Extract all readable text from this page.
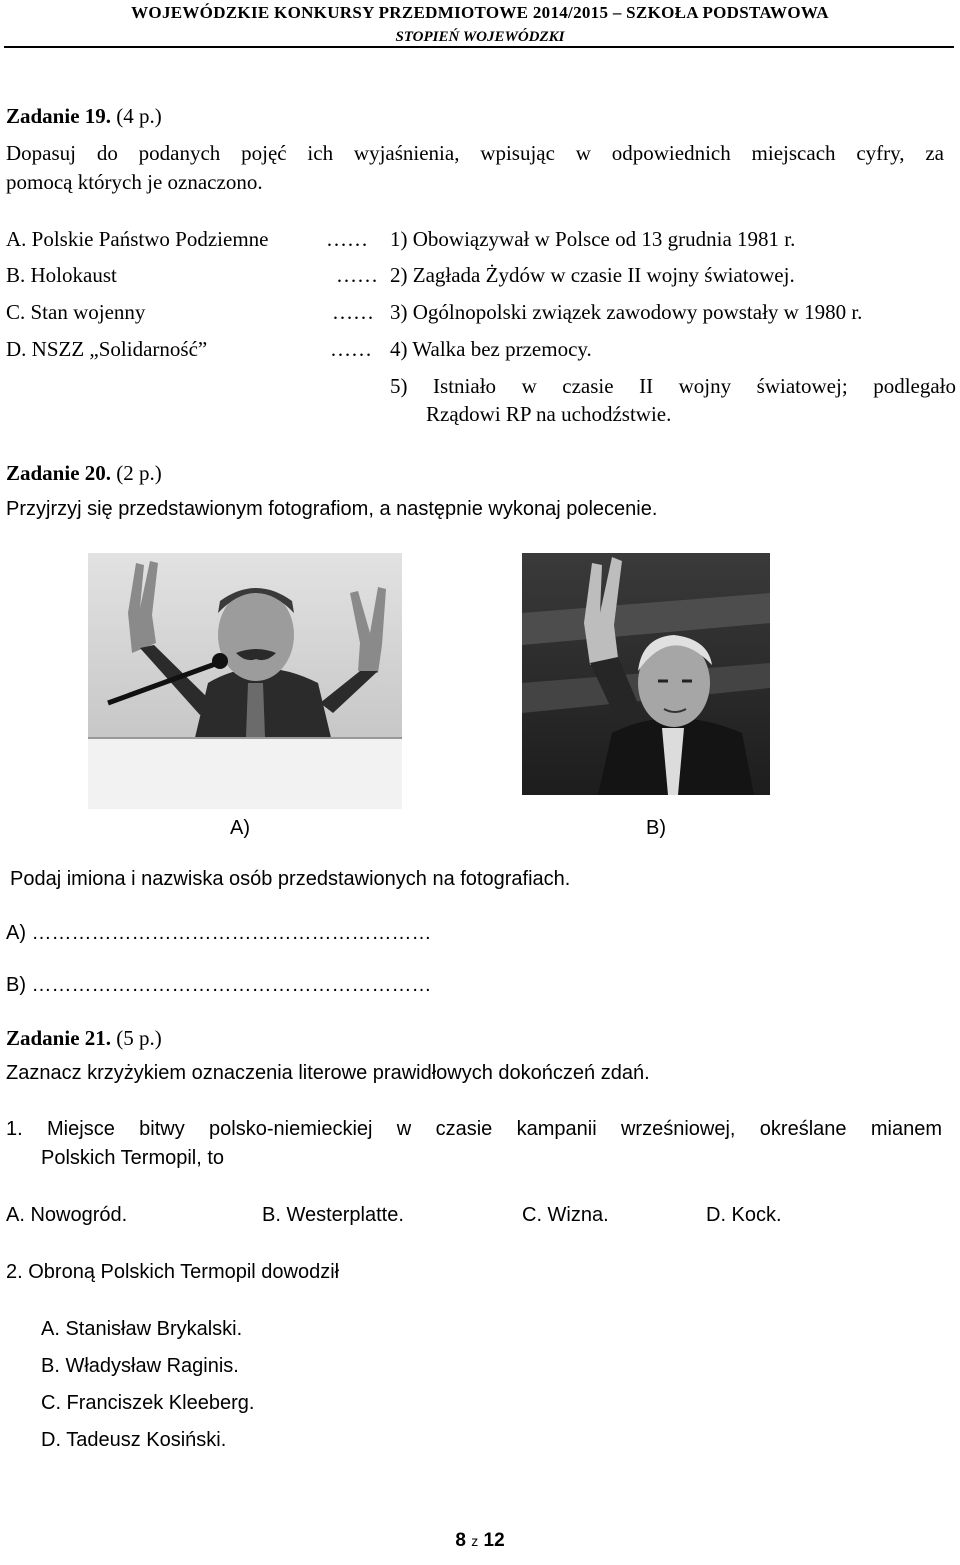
WOJEWÓDZKIE KONKURSY PRZEDMIOTOWE 2014/2015 – SZKOŁA PODSTAWOWA
STOPIEŃ WOJEWÓDZKI
Zadanie 19. (4 p.)
Dopasuj do podanych pojęć ich wyjaśnienia, wpisując w odpowiednich miejscach cyfry, za
pomocą których je oznaczono.
A. Polskie Państwo Podziemne	…… 1) Obowiązywał w Polsce od 13 grudnia 1981 r.
B. Holokaust	…… 2) Zagłada Żydów w czasie II wojny światowej.
C. Stan wojenny	…… 3) Ogólnopolski związek zawodowy powstały w 1980 r.
D. NSZZ „Solidarność”	…… 4) Walka bez przemocy.
5) Istniało w czasie II wojny światowej; podlegało
Rządowi RP na uchodźstwie.
Zadanie 20. (2 p.)
Przyjrzyj się przedstawionym fotografiom, a następnie wykonaj polecenie.
A)	B)
Podaj imiona i nazwiska osób przedstawionych na fotografiach.
A) ……………………………………………………
B) ……………………………………………………
Zadanie 21. (5 p.)
Zaznacz krzyżykiem oznaczenia literowe prawidłowych dokończeń zdań.
1. Miejsce bitwy polsko-niemieckiej w czasie kampanii wrześniowej, określane mianem
Polskich Termopil, to
A. Nowogród.	B. Westerplatte.	C. Wizna.	D. Kock.
2. Obroną Polskich Termopil dowodził
A. Stanisław Brykalski.
B. Władysław Raginis.
C. Franciszek Kleeberg.
D. Tadeusz Kosiński.
8 z 12
